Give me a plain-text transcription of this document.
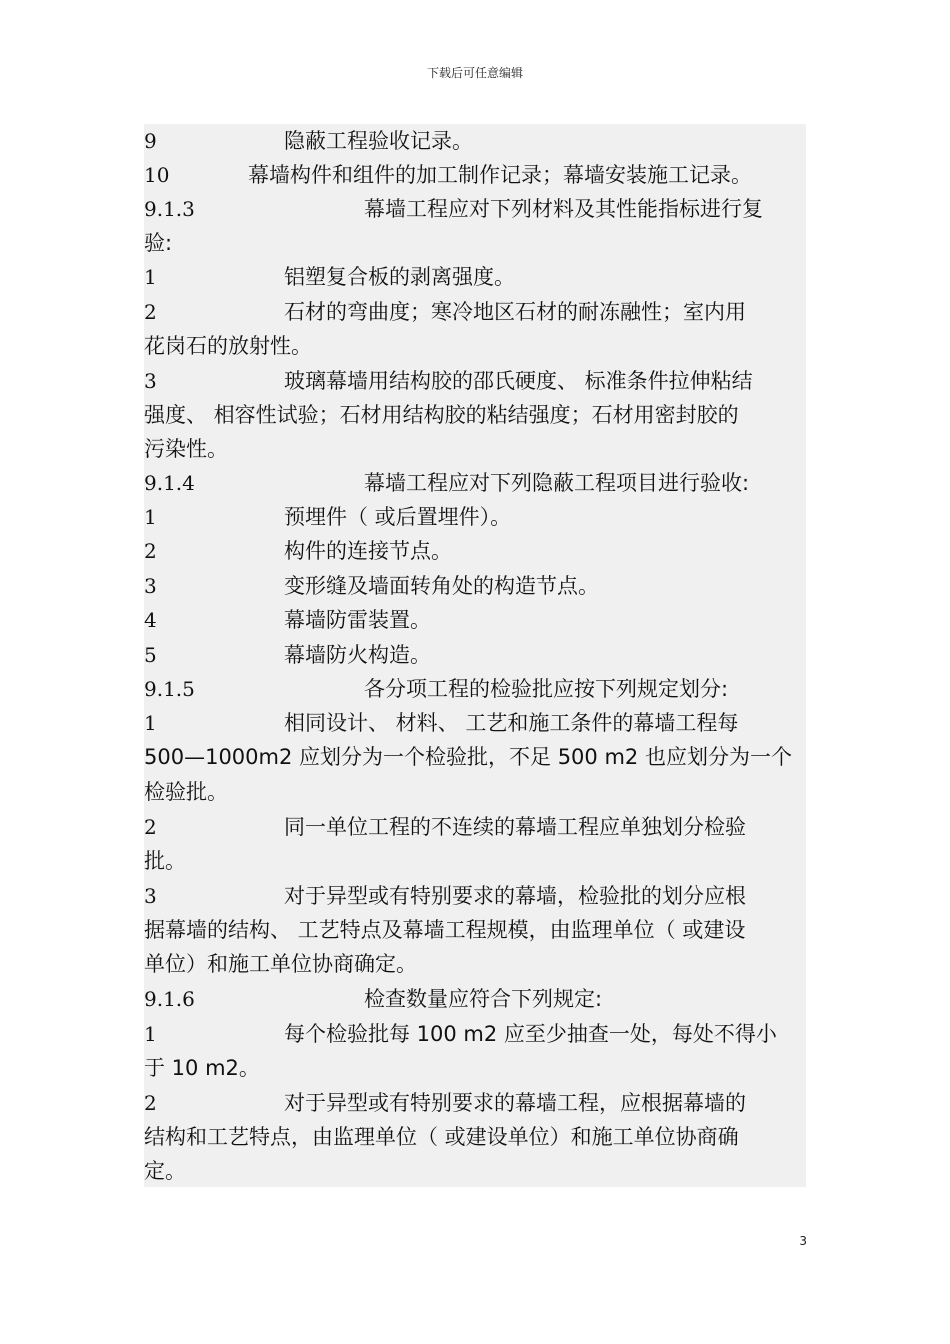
下载后可任意编辑
9	隐蔽工程验收记录。
10	幕墙构件和组件的加工制作记录；幕墙安装施工记录。
9.1.3	幕墙工程应对下列材料及其性能指标进行复
验:
1	铝塑复合板的剥离强度。
2	石材的弯曲度；寒冷地区石材的耐冻融性；室内用
花岗石的放射性。
3	玻璃幕墙用结构胶的邵氏硬度、 标准条件拉伸粘结
强度、 相容性试验；石材用结构胶的粘结强度；石材用密封胶的
污染性。
9.1.4	幕墙工程应对下列隐蔽工程项目进行验收:
1	预埋件（ 或后置埋件）。
2	构件的连接节点。
3	变形缝及墙面转角处的构造节点。
4	幕墙防雷装置。
5	幕墙防火构造。
9.1.5	各分项工程的检验批应按下列规定划分:
1	相同设计、 材料、 工艺和施工条件的幕墙工程每
500—1000m2 应划分为一个检验批，不足 500 m2 也应划分为一个
检验批。
2	同一单位工程的不连续的幕墙工程应单独划分检验
批。
3	对于异型或有特别要求的幕墙，检验批的划分应根
据幕墙的结构、 工艺特点及幕墙工程规模，由监理单位（ 或建设
单位）和施工单位协商确定。
9.1.6	检查数量应符合下列规定:
1	每个检验批每 100 m2 应至少抽查一处，每处不得小
于 10 m2。
2	对于异型或有特别要求的幕墙工程，应根据幕墙的
结构和工艺特点，由监理单位（ 或建设单位）和施工单位协商确
定。
3
